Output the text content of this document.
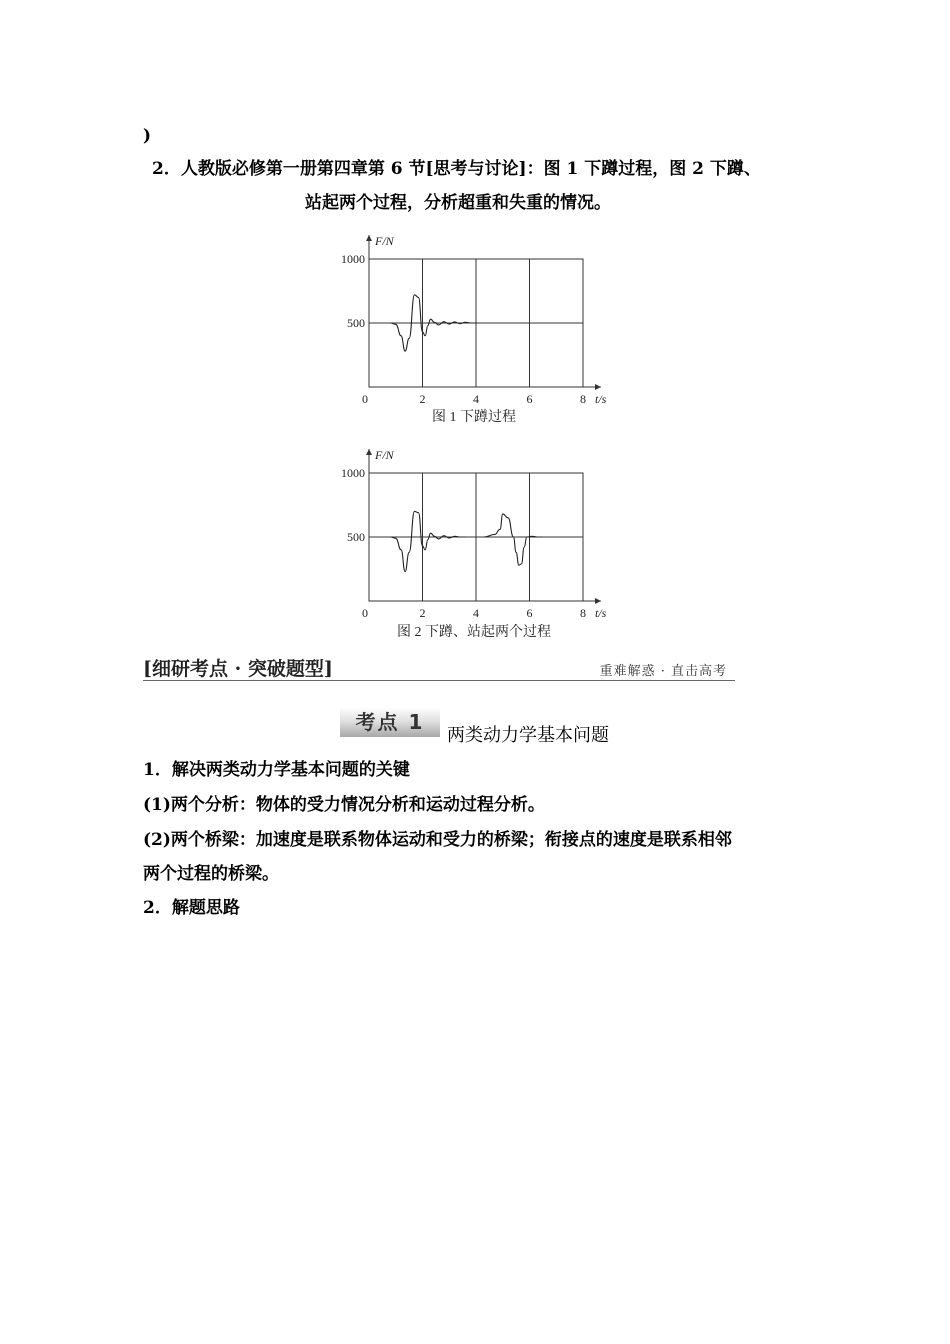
)
2．人教版必修第一册第四章第 6 节[思考与讨论]：图 1 下蹲过程，图 2 下蹲、
站起两个过程，分析超重和失重的情况。
F/N
t/s
0	2	4	6	8
500
1000
图 1 下蹲过程
F/N
t/s
0	2	4	6	8
500
1000
图 2 下蹲、站起两个过程
[细研考点 · 突破题型]	重难解惑 · 直击高考
考点 1
两类动力学基本问题
1．解决两类动力学基本问题的关键
(1)两个分析：物体的受力情况分析和运动过程分析。
(2)两个桥梁：加速度是联系物体运动和受力的桥梁；衔接点的速度是联系相邻
两个过程的桥梁。
2．解题思路
